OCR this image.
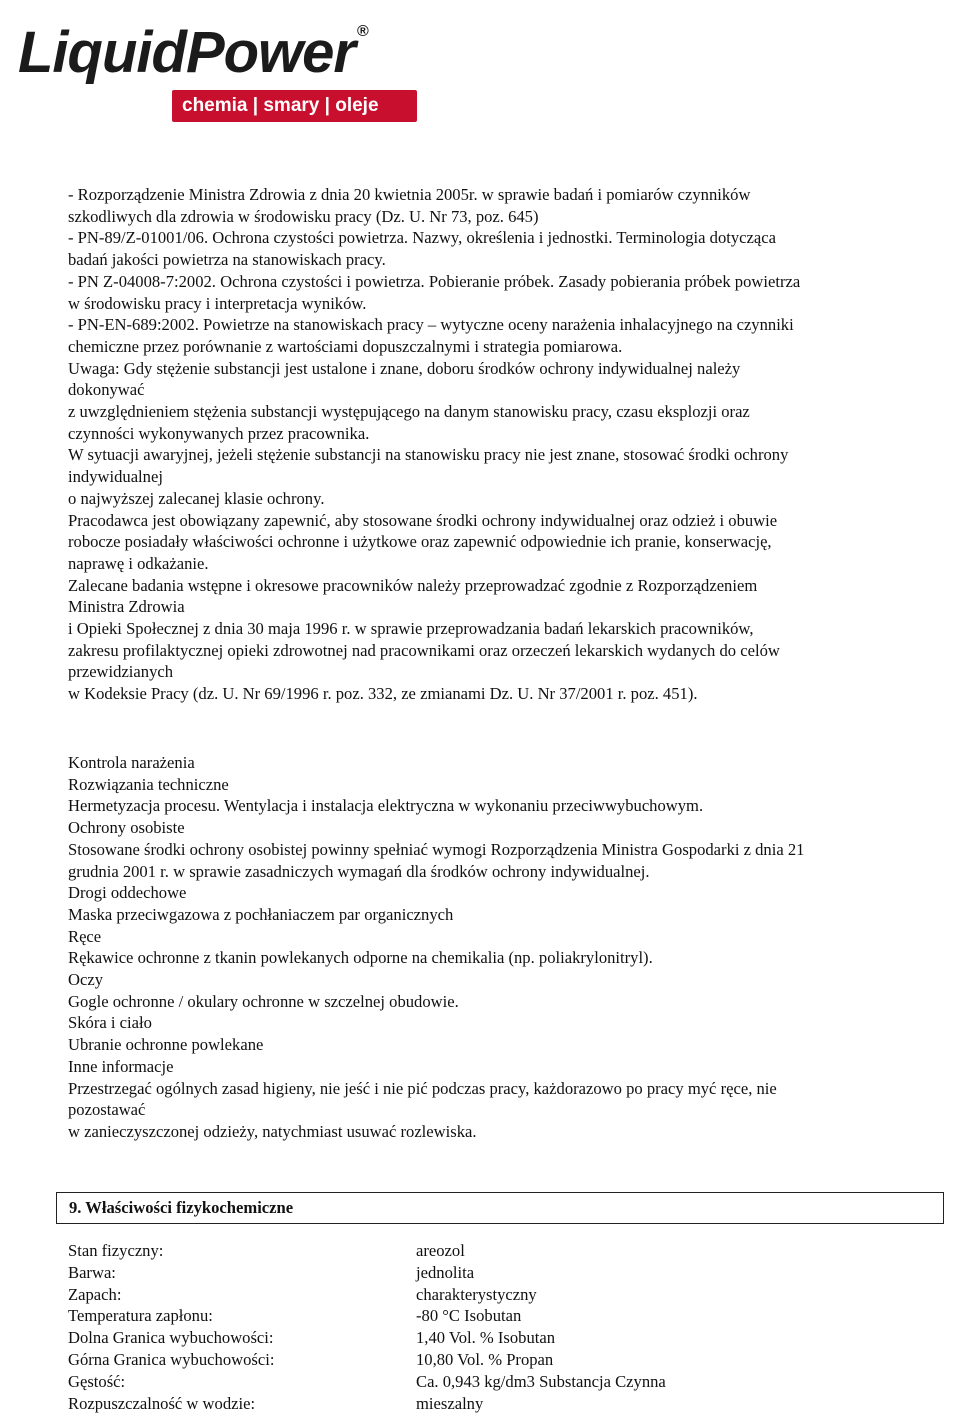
LiquidPower ®
chemia | smary | oleje

- Rozporządzenie Ministra Zdrowia z dnia 20 kwietnia 2005r. w sprawie badań i pomiarów czynników

szkodliwych dla zdrowia w środowisku pracy (Dz. U. Nr 73, poz. 645)

- PN-89/Z-01001/06. Ochrona czystości powietrza. Nazwy, określenia i jednostki. Terminologia dotycząca

badań jakości powietrza na stanowiskach pracy.

- PN Z-04008-7:2002. Ochrona czystości i powietrza. Pobieranie próbek. Zasady pobierania próbek powietrza

w środowisku pracy i interpretacja wyników.

- PN-EN-689:2002. Powietrze na stanowiskach pracy – wytyczne oceny narażenia inhalacyjnego na czynniki

chemiczne przez porównanie z wartościami dopuszczalnymi i strategia pomiarowa.

Uwaga: Gdy stężenie substancji jest ustalone i znane, doboru środków ochrony indywidualnej należy

dokonywać

z uwzględnieniem stężenia substancji występującego na danym stanowisku pracy, czasu eksplozji oraz

czynności wykonywanych przez pracownika.

W sytuacji awaryjnej, jeżeli stężenie substancji na stanowisku pracy nie jest znane, stosować środki ochrony

indywidualnej

o najwyższej zalecanej klasie ochrony.

Pracodawca jest obowiązany zapewnić, aby stosowane środki ochrony indywidualnej oraz odzież i obuwie

robocze posiadały właściwości ochronne i użytkowe oraz zapewnić odpowiednie ich pranie, konserwację,

naprawę i odkażanie.

Zalecane badania wstępne i okresowe pracowników należy przeprowadzać zgodnie z Rozporządzeniem

Ministra Zdrowia

i Opieki Społecznej z dnia 30 maja 1996 r. w sprawie przeprowadzania badań lekarskich pracowników,

zakresu profilaktycznej opieki zdrowotnej nad pracownikami oraz orzeczeń lekarskich wydanych do celów

przewidzianych

w Kodeksie Pracy (dz. U. Nr 69/1996 r. poz. 332, ze zmianami Dz. U. Nr 37/2001 r. poz. 451).

Kontrola narażenia

Rozwiązania techniczne

Hermetyzacja procesu. Wentylacja i instalacja elektryczna w wykonaniu przeciwwybuchowym.

Ochrony osobiste

Stosowane środki ochrony osobistej powinny spełniać wymogi Rozporządzenia Ministra Gospodarki z dnia 21

grudnia 2001 r. w sprawie zasadniczych wymagań dla środków ochrony indywidualnej.

Drogi oddechowe

Maska przeciwgazowa z pochłaniaczem par organicznych

Ręce

Rękawice ochronne z tkanin powlekanych odporne na chemikalia (np. poliakrylonitryl).

Oczy

Gogle ochronne / okulary ochronne w szczelnej obudowie.

Skóra i ciało

Ubranie ochronne powlekane

Inne informacje

Przestrzegać ogólnych zasad higieny, nie jeść i nie pić podczas pracy, każdorazowo po pracy myć ręce, nie

pozostawać

w zanieczyszczonej odzieży, natychmiast usuwać rozlewiska.

9. Właściwości fizykochemiczne
Stan fizyczny:	areozol
Barwa:	jednolita
Zapach:	charakterystyczny
Temperatura zapłonu:	-80 °C Isobutan
Dolna Granica wybuchowości:	1,40 Vol. % Isobutan
Górna Granica wybuchowości:	10,80 Vol. % Propan
Gęstość:	Ca. 0,943 kg/dm3 Substancja Czynna
Rozpuszczalność w wodzie:	mieszalny
